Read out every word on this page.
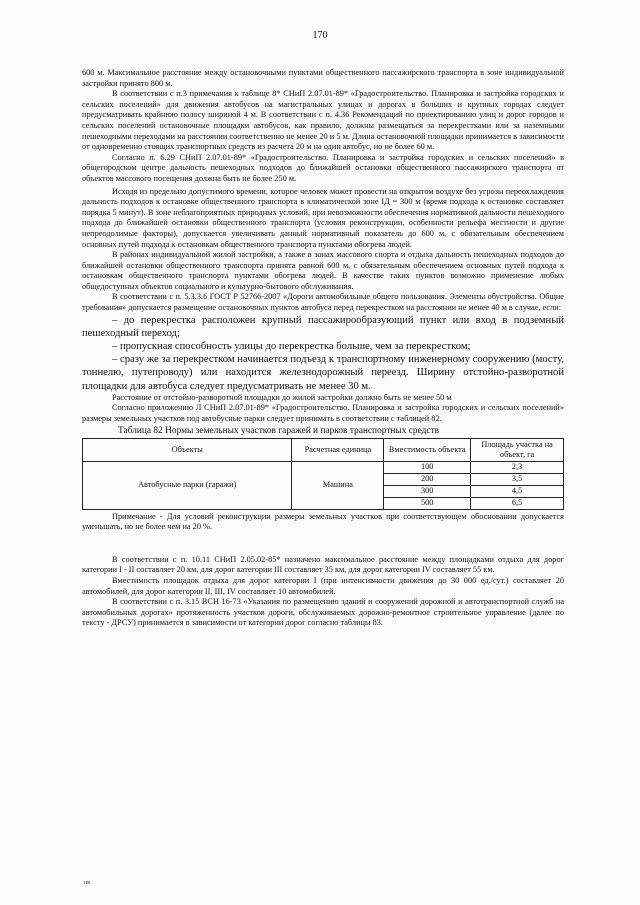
170

600 м. Максимальное расстояние между остановочными пунктами общественного пассажирского транспорта в зоне индивидуальной застройки принято 800 м.

В соответствии с п.3 примечания к таблице 8* СНиП 2.07.01-89* «Градостроительство. Планировка и застройка городских и сельских поселений» для движения автобусов на магистральных улицах и дорогах в больших и крупных городах следует предусматривать крайнюю полосу шириной 4 м. В соответствии с п. 4.36 Рекомендаций по проектированию улиц и дорог городов и сельских поселений остановочные площадки автобусов, как правило, должны размещаться за перекрестками или за наземными пешеходными переходами на расстоянии соответственно не менее 20 и 5 м. Длина остановочной площадки принимается в зависимости от одновременно стоящих транспортных средств из расчета 20 м на один автобус, но не более 60 м.

Согласно п. 6.29 СНиП 2.07.01-89* «Градостроительство. Планировка и застройка городских и сельских поселений» в общегородском центре дальность пешеходных подходов до ближайшей остановки общественного пассажирского транспорта от объектов массового посещения должна быть не более 250 м.

Исходя из предельно допустимого времени, которое человек может провести на открытом воздухе без угрозы переохлаждения дальность подходов к остановке общественного транспорта в климатической зоне IД = 300 м (время подхода к остановке составляет порядка 5 минут). В зоне неблагоприятных природных условий, при невозможности обеспечения нормативной дальности пешеходного подхода до ближайшей остановки общественного транспорта (условия реконструкции, особенности рельефа местности и другие непреодолимые факторы), допускается увеличивать данный нормативный показатель до 600 м, с обязательным обеспечением основных путей подхода к остановкам общественного транспорта пунктами обогрева людей.

В районах индивидуальной жилой застройки, а также в зонах массового спорта и отдыха дальность пешеходных подходов до ближайшей остановки общественного транспорта принята равной 600 м, с обязательным обеспечением основных путей подхода к остановкам общественного транспорта пунктами обогрева людей. В качестве таких пунктов возможно применение любых общедоступных объектов социального и культурно-бытового обслуживания.

В соответствии с п. 5.3.3.6 ГОСТ Р 52766-2007 «Дороги автомобильные общего пользования. Элементы обустройства. Общие требования» допускается размещение остановочных пунктов автобуса перед перекрестком на расстоянии не менее 40 м в случае, если:

– до перекрестка расположен крупный пассажирообразующий пункт или вход в подземный пешеходный переход;

– пропускная способность улицы до перекрестка больше, чем за перекрестком;

– сразу же за перекрестком начинается подъезд к транспортному инженерному сооружению (мосту, тоннелю, путепроводу) или находится железнодорожный переезд. Ширину отстойно-разворотной площадки для автобуса следует предусматривать не менее 30 м.

Расстояние от отстойно-разворотной площадки до жилой застройки должно быть не менее 50 м

Согласно приложению Л СНиП 2.07.01-89* «Градостроительство. Планировка и застройка городских и сельских поселений» размеры земельных участков под автобусные парки следует принимать в соответствии с таблицей 82.

Таблица 82 Нормы земельных участков гаражей и парков транспортных средств
Объекты	Расчетная единица	Вместимость объекта	Площадь участка на объект, га
Автобусные парки (гаражи)	Машина	100	2,3
		200	3,5
		300	4,5
		500	6,5

Примечание - Для условий реконструкции размеры земельных участков при соответствующем обосновании допускается уменьшать, но не более чем на 20 %.

В соответствии с п. 10.11 СНиП 2.05.02-85* назначено максимальное расстояние между площадками отдыха для дорог категории I - II составляет 20 км, для дорог категории III составляет 35 км, для дорог категории IV составляет 55 км.

Вместимость площадок отдыха для дорог категории I (при интенсивности движения до 30 000 ед./сут.) составляет 20 автомобилей, для дорог категории II, III, IV составляет 10 автомобилей.

В соответствии с п. 3.15 ВСН 16-73 «Указания по размещению зданий и сооружений дорожной и автотранспортной служб на автомобильных дорогах» протяженность участков дороги, обслуживаемых дорожно-ремонтное строительное управление (далее по тексту - ДРСУ) принимается в зависимости от категории дорог согласно таблицы 83.

нв
